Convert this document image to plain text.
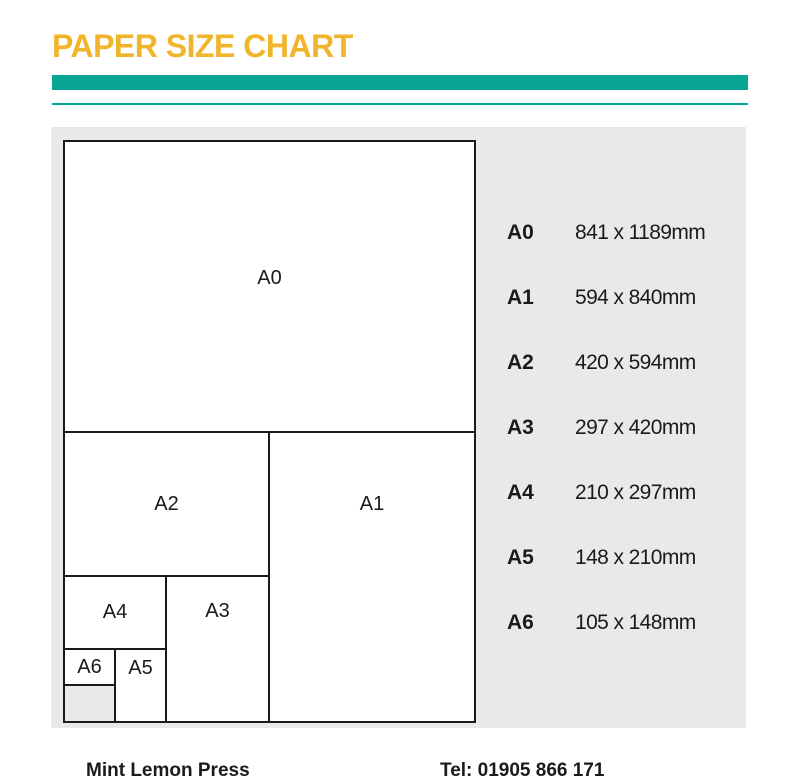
PAPER SIZE CHART
A0
A1
A2
A3
A4
A5
A6
A0	841 x 1189mm
A1	594 x 840mm
A2	420 x 594mm
A3	297 x 420mm
A4	210 x 297mm
A5	148 x 210mm
A6	105 x 148mm
Mint Lemon Press	Tel: 01905 866 171
